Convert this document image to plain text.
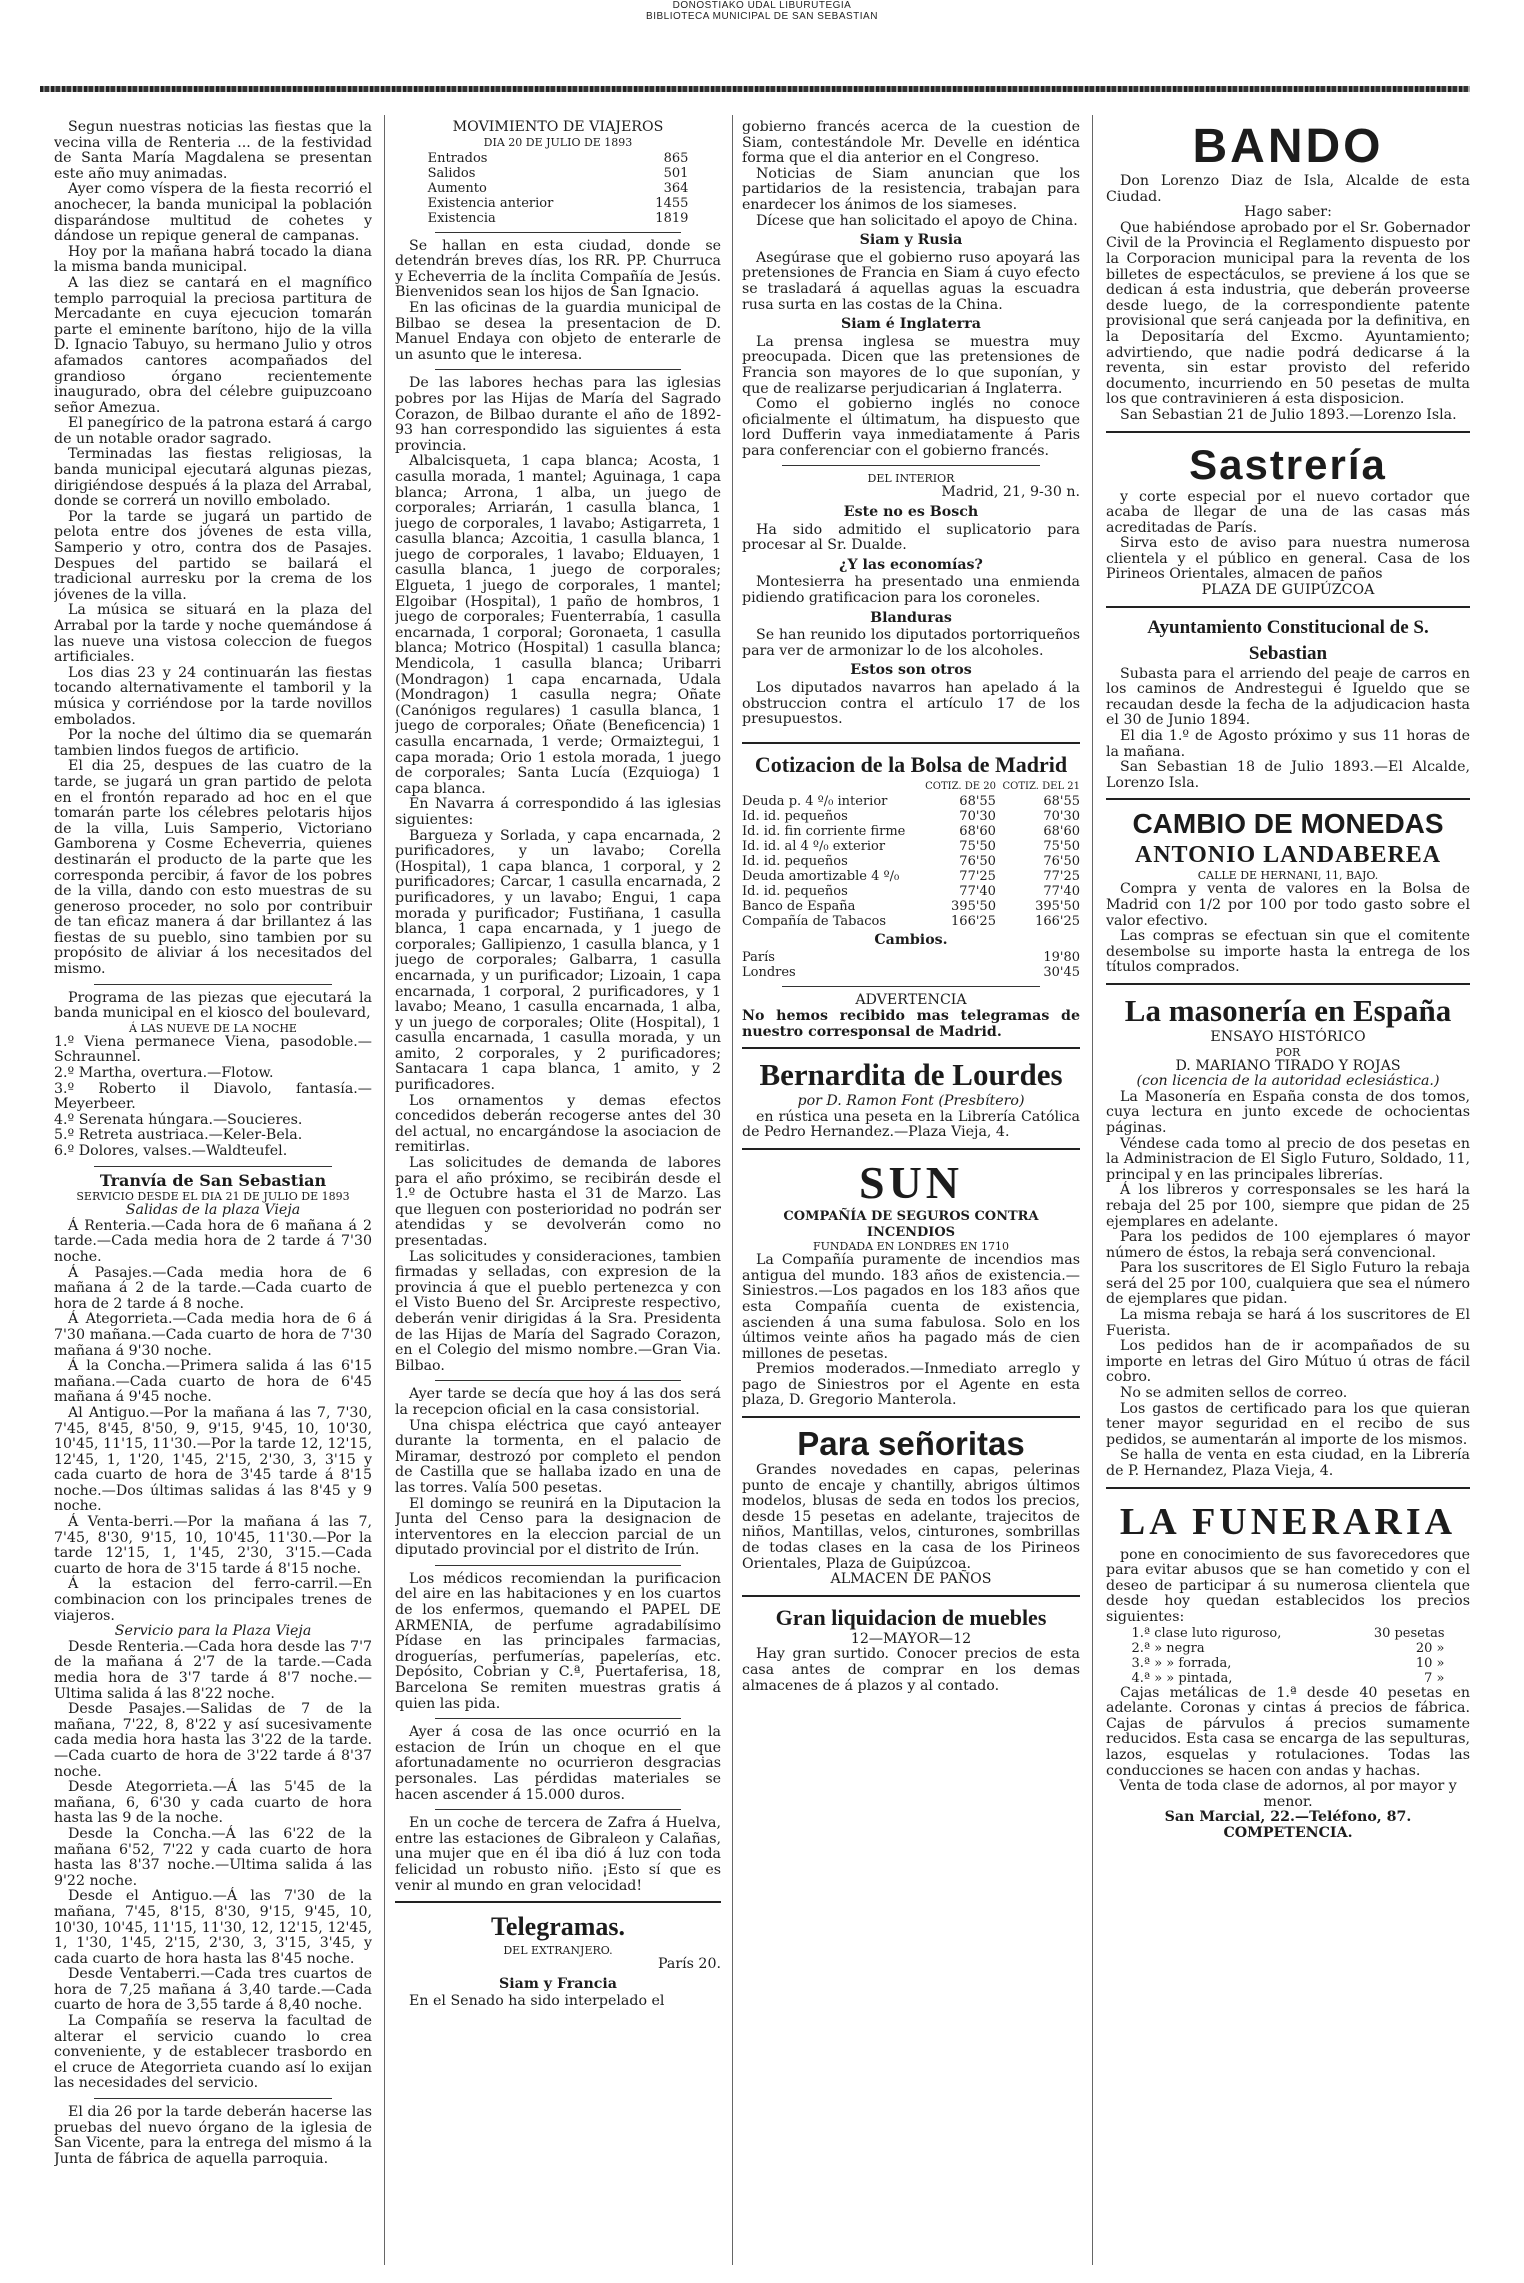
DONOSTIAKO UDAL LIBURUTEGIA
BIBLIOTECA MUNICIPAL DE SAN SEBASTIAN

Segun nuestras noticias las fiestas que la vecina villa de Renteria ... de la festividad de Santa María Magdalena se presentan este año muy animadas.

Ayer como víspera de la fiesta recorrió el anochecer, la banda municipal la población disparándose multitud de cohetes y dándose un repique general de campanas.

Hoy por la mañana habrá tocado la diana la misma banda municipal.

A las diez se cantará en el magnífico templo parroquial la preciosa partitura de Mercadante en cuya ejecucion tomarán parte el eminente barítono, hijo de la villa D. Ignacio Tabuyo, su hermano Julio y otros afamados cantores acompañados del grandioso órgano recientemente inaugurado, obra del célebre guipuzcoano señor Amezua.

El panegírico de la patrona estará á cargo de un notable orador sagrado.

Terminadas las fiestas religiosas, la banda municipal ejecutará algunas piezas, dirigiéndose después á la plaza del Arrabal, donde se correrá un novillo embolado.

Por la tarde se jugará un partido de pelota entre dos jóvenes de esta villa, Samperio y otro, contra dos de Pasajes. Despues del partido se bailará el tradicional aurresku por la crema de los jóvenes de la villa.

La música se situará en la plaza del Arrabal por la tarde y noche quemándose á las nueve una vistosa coleccion de fuegos artificiales.

Los dias 23 y 24 continuarán las fiestas tocando alternativamente el tamboril y la música y corriéndose por la tarde novillos embolados.

Por la noche del último dia se quemarán tambien lindos fuegos de artificio.

El dia 25, despues de las cuatro de la tarde, se jugará un gran partido de pelota en el frontón reparado ad hoc en el que tomarán parte los célebres pelotaris hijos de la villa, Luis Samperio, Victoriano Gamborena y Cosme Echeverria, quienes destinarán el producto de la parte que les corresponda percibir, á favor de los pobres de la villa, dando con esto muestras de su generoso proceder, no solo por contribuir de tan eficaz manera á dar brillantez á las fiestas de su pueblo, sino tambien por su propósito de aliviar á los necesitados del mismo.

Programa de las piezas que ejecutará la banda municipal en el kiosco del boulevard,

Á LAS NUEVE DE LA NOCHE

1.º Viena permanece Viena, pasodoble.—Schraunnel.
2.º Martha, overtura.—Flotow.
3.º Roberto il Diavolo, fantasía.—Meyerbeer.
4.º Serenata húngara.—Soucieres.
5.º Retreta austriaca.—Keler-Bela.
6.º Dolores, valses.—Waldteufel.

Tranvía de San Sebastian

SERVICIO DESDE EL DIA 21 DE JULIO DE 1893

Salidas de la plaza Vieja

Á Renteria.—Cada hora de 6 mañana á 2 tarde.—Cada media hora de 2 tarde á 7'30 noche.

Á Pasajes.—Cada media hora de 6 mañana á 2 de la tarde.—Cada cuarto de hora de 2 tarde á 8 noche.

Á Ategorrieta.—Cada media hora de 6 á 7'30 mañana.—Cada cuarto de hora de 7'30 mañana á 9'30 noche.

Á la Concha.—Primera salida á las 6'15 mañana.—Cada cuarto de hora de 6'45 mañana á 9'45 noche.

Al Antiguo.—Por la mañana á las 7, 7'30, 7'45, 8'45, 8'50, 9, 9'15, 9'45, 10, 10'30, 10'45, 11'15, 11'30.—Por la tarde 12, 12'15, 12'45, 1, 1'20, 1'45, 2'15, 2'30, 3, 3'15 y cada cuarto de hora de 3'45 tarde á 8'15 noche.—Dos últimas salidas á las 8'45 y 9 noche.

Á Venta-berri.—Por la mañana á las 7, 7'45, 8'30, 9'15, 10, 10'45, 11'30.—Por la tarde 12'15, 1, 1'45, 2'30, 3'15.—Cada cuarto de hora de 3'15 tarde á 8'15 noche.

Á la estacion del ferro-carril.—En combinacion con los principales trenes de viajeros.

Servicio para la Plaza Vieja

Desde Renteria.—Cada hora desde las 7'7 de la mañana á 2'7 de la tarde.—Cada media hora de 3'7 tarde á 8'7 noche.—Ultima salida á las 8'22 noche.

Desde Pasajes.—Salidas de 7 de la mañana, 7'22, 8, 8'22 y así sucesivamente cada media hora hasta las 3'22 de la tarde.—Cada cuarto de hora de 3'22 tarde á 8'37 noche.

Desde Ategorrieta.—Á las 5'45 de la mañana, 6, 6'30 y cada cuarto de hora hasta las 9 de la noche.

Desde la Concha.—Á las 6'22 de la mañana 6'52, 7'22 y cada cuarto de hora hasta las 8'37 noche.—Ultima salida á las 9'22 noche.

Desde el Antiguo.—Á las 7'30 de la mañana, 7'45, 8'15, 8'30, 9'15, 9'45, 10, 10'30, 10'45, 11'15, 11'30, 12, 12'15, 12'45, 1, 1'30, 1'45, 2'15, 2'30, 3, 3'15, 3'45, y cada cuarto de hora hasta las 8'45 noche.

Desde Ventaberri.—Cada tres cuartos de hora de 7,25 mañana á 3,40 tarde.—Cada cuarto de hora de 3,55 tarde á 8,40 noche.

La Compañía se reserva la facultad de alterar el servicio cuando lo crea conveniente, y de establecer trasbordo en el cruce de Ategorrieta cuando así lo exijan las necesidades del servicio.

El dia 26 por la tarde deberán hacerse las pruebas del nuevo órgano de la iglesia de San Vicente, para la entrega del mismo á la Junta de fábrica de aquella parroquia.

MOVIMIENTO DE VIAJEROS

DIA 20 DE JULIO DE 1893

Entrados	865
Salidos	501
Aumento	364
Existencia anterior	1455
Existencia	1819

Se hallan en esta ciudad, donde se detendrán breves días, los RR. PP. Churruca y Echeverria de la ínclita Compañía de Jesús. Bienvenidos sean los hijos de San Ignacio.

En las oficinas de la guardia municipal de Bilbao se desea la presentacion de D. Manuel Endaya con objeto de enterarle de un asunto que le interesa.

De las labores hechas para las iglesias pobres por las Hijas de María del Sagrado Corazon, de Bilbao durante el año de 1892-93 han correspondido las siguientes á esta provincia.

Albalcisqueta, 1 capa blanca; Acosta, 1 casulla morada, 1 mantel; Aguinaga, 1 capa blanca; Arrona, 1 alba, un juego de corporales; Arriarán, 1 casulla blanca, 1 juego de corporales, 1 lavabo; Astigarreta, 1 casulla blanca; Azcoitia, 1 casulla blanca, 1 juego de corporales, 1 lavabo; Elduayen, 1 casulla blanca, 1 juego de corporales; Elgueta, 1 juego de corporales, 1 mantel; Elgoibar (Hospital), 1 paño de hombros, 1 juego de corporales; Fuenterrabía, 1 casulla encarnada, 1 corporal; Goronaeta, 1 casulla blanca; Motrico (Hospital) 1 casulla blanca; Mendicola, 1 casulla blanca; Uribarri (Mondragon) 1 capa encarnada, Udala (Mondragon) 1 casulla negra; Oñate (Canónigos regulares) 1 casulla blanca, 1 juego de corporales; Oñate (Beneficencia) 1 casulla encarnada, 1 verde; Ormaiztegui, 1 capa morada; Orio 1 estola morada, 1 juego de corporales; Santa Lucía (Ezquioga) 1 capa blanca.

En Navarra á correspondido á las iglesias siguientes:

Bargueza y Sorlada, y capa encarnada, 2 purificadores, y un lavabo; Corella (Hospital), 1 capa blanca, 1 corporal, y 2 purificadores; Carcar, 1 casulla encarnada, 2 purificadores, y un lavabo; Engui, 1 capa morada y purificador; Fustiñana, 1 casulla blanca, 1 capa encarnada, y 1 juego de corporales; Gallipienzo, 1 casulla blanca, y 1 juego de corporales; Galbarra, 1 casulla encarnada, y un purificador; Lizoain, 1 capa encarnada, 1 corporal, 2 purificadores, y 1 lavabo; Meano, 1 casulla encarnada, 1 alba, y un juego de corporales; Olite (Hospital), 1 casulla encarnada, 1 casulla morada, y un amito, 2 corporales, y 2 purificadores; Santacara 1 capa blanca, 1 amito, y 2 purificadores.

Los ornamentos y demas efectos concedidos deberán recogerse antes del 30 del actual, no encargándose la asociacion de remitirlas.

Las solicitudes de demanda de labores para el año próximo, se recibirán desde el 1.º de Octubre hasta el 31 de Marzo. Las que lleguen con posterioridad no podrán ser atendidas y se devolverán como no presentadas.

Las solicitudes y consideraciones, tambien firmadas y selladas, con expresion de la provincia á que el pueblo pertenezca y con el Visto Bueno del Sr. Arcipreste respectivo, deberán venir dirigidas á la Sra. Presidenta de las Hijas de María del Sagrado Corazon, en el Colegio del mismo nombre.—Gran Via. Bilbao.

Ayer tarde se decía que hoy á las dos será la recepcion oficial en la casa consistorial.

Una chispa eléctrica que cayó anteayer durante la tormenta, en el palacio de Miramar, destrozó por completo el pendon de Castilla que se hallaba izado en una de las torres. Valía 500 pesetas.

El domingo se reunirá en la Diputacion la Junta del Censo para la designacion de interventores en la eleccion parcial de un diputado provincial por el distrito de Irún.

Los médicos recomiendan la purificacion del aire en las habitaciones y en los cuartos de los enfermos, quemando el PAPEL DE ARMENIA, de perfume agradabilísimo Pídase en las principales farmacias, droguerías, perfumerías, papelerías, etc. Depósito, Cobrian y C.ª, Puertaferisa, 18, Barcelona Se remiten muestras gratis á quien las pida.

Ayer á cosa de las once ocurrió en la estacion de Irún un choque en el que afortunadamente no ocurrieron desgracias personales. Las pérdidas materiales se hacen ascender á 15.000 duros.

En un coche de tercera de Zafra á Huelva, entre las estaciones de Gibraleon y Calañas, una mujer que en él iba dió á luz con toda felicidad un robusto niño. ¡Esto sí que es venir al mundo en gran velocidad!

Telegramas.

DEL EXTRANJERO.

París 20.

Siam y Francia

En el Senado ha sido interpelado el

gobierno francés acerca de la cuestion de Siam, contestándole Mr. Develle en idéntica forma que el dia anterior en el Congreso.

Noticias de Siam anuncian que los partidarios de la resistencia, trabajan para enardecer los ánimos de los siameses.

Dícese que han solicitado el apoyo de China.

Siam y Rusia

Asegúrase que el gobierno ruso apoyará las pretensiones de Francia en Siam á cuyo efecto se trasladará á aquellas aguas la escuadra rusa surta en las costas de la China.

Siam é Inglaterra

La prensa inglesa se muestra muy preocupada. Dicen que las pretensiones de Francia son mayores de lo que suponían, y que de realizarse perjudicarian á Inglaterra.

Como el gobierno inglés no conoce oficialmente el últimatum, ha dispuesto que lord Dufferin vaya inmediatamente á Paris para conferenciar con el gobierno francés.

DEL INTERIOR

Madrid, 21, 9-30 n.

Este no es Bosch

Ha sido admitido el suplicatorio para procesar al Sr. Dualde.

¿Y las economías?

Montesierra ha presentado una enmienda pidiendo gratificacion para los coroneles.

Blanduras

Se han reunido los diputados portorriqueños para ver de armonizar lo de los alcoholes.

Estos son otros

Los diputados navarros han apelado á la obstruccion contra el artículo 17 de los presupuestos.

Cotizacion de la Bolsa de Madrid

	COTIZ. DE 20	COTIZ. DEL 21
Deuda p. 4 º/₀ interior	68'55	68'55
Id. id. pequeños	70'30	70'30
Id. id. fin corriente firme	68'60	68'60
Id. id. al 4 º/₀ exterior	75'50	75'50
Id. id. pequeños	76'50	76'50
Deuda amortizable 4 º/₀	77'25	77'25
Id. id. pequeños	77'40	77'40
Banco de España	395'50	395'50
Compañía de Tabacos	166'25	166'25

Cambios.

París	19'80
Londres	30'45

ADVERTENCIA

No hemos recibido mas telegramas de nuestro corresponsal de Madrid.

Bernardita de Lourdes

por D. Ramon Font (Presbítero)

en rústica una peseta en la Librería Católica de Pedro Hernandez.—Plaza Vieja, 4.

SUN

COMPAÑÍA DE SEGUROS CONTRA INCENDIOS

FUNDADA EN LONDRES EN 1710

La Compañía puramente de incendios mas antigua del mundo. 183 años de existencia.—Siniestros.—Los pagados en los 183 años que esta Compañía cuenta de existencia, ascienden á una suma fabulosa. Solo en los últimos veinte años ha pagado más de cien millones de pesetas.

Premios moderados.—Inmediato arreglo y pago de Siniestros por el Agente en esta plaza, D. Gregorio Manterola.

Para señoritas

Grandes novedades en capas, pelerinas punto de encaje y chantilly, abrigos últimos modelos, blusas de seda en todos los precios, desde 15 pesetas en adelante, trajecitos de niños, Mantillas, velos, cinturones, sombrillas de todas clases en la casa de los Pirineos Orientales, Plaza de Guipúzcoa.

ALMACEN DE PAÑOS

Gran liquidacion de muebles

12—MAYOR—12

Hay gran surtido. Conocer precios de esta casa antes de comprar en los demas almacenes de á plazos y al contado.

BANDO

Don Lorenzo Diaz de Isla, Alcalde de esta Ciudad.

Hago saber:

Que habiéndose aprobado por el Sr. Gobernador Civil de la Provincia el Reglamento dispuesto por la Corporacion municipal para la reventa de los billetes de espectáculos, se previene á los que se dedican á esta industria, que deberán proveerse desde luego, de la correspondiente patente provisional que será canjeada por la definitiva, en la Depositaría del Excmo. Ayuntamiento; advirtiendo, que nadie podrá dedicarse á la reventa, sin estar provisto del referido documento, incurriendo en 50 pesetas de multa los que contravinieren á esta disposicion.

San Sebastian 21 de Julio 1893.—Lorenzo Isla.

Sastrería

y corte especial por el nuevo cortador que acaba de llegar de una de las casas más acreditadas de París.

Sirva esto de aviso para nuestra numerosa clientela y el público en general. Casa de los Pirineos Orientales, almacen de paños

PLAZA DE GUIPÚZCOA

Ayuntamiento Constitucional de S. Sebastian

Subasta para el arriendo del peaje de carros en los caminos de Andrestegui é Igueldo que se recaudan desde la fecha de la adjudicacion hasta el 30 de Junio 1894.

El dia 1.º de Agosto próximo y sus 11 horas de la mañana.

San Sebastian 18 de Julio 1893.—El Alcalde, Lorenzo Isla.

CAMBIO DE MONEDAS

ANTONIO LANDABEREA

CALLE DE HERNANI, 11, BAJO.

Compra y venta de valores en la Bolsa de Madrid con 1/2 por 100 por todo gasto sobre el valor efectivo.

Las compras se efectuan sin que el comitente desembolse su importe hasta la entrega de los títulos comprados.

La masonería en España

ENSAYO HISTÓRICO

POR

D. MARIANO TIRADO Y ROJAS

(con licencia de la autoridad eclesiástica.)

La Masonería en España consta de dos tomos, cuya lectura en junto excede de ochocientas páginas.

Véndese cada tomo al precio de dos pesetas en la Administracion de El Siglo Futuro, Soldado, 11, principal y en las principales librerías.

Á los libreros y corresponsales se les hará la rebaja del 25 por 100, siempre que pidan de 25 ejemplares en adelante.

Para los pedidos de 100 ejemplares ó mayor número de éstos, la rebaja será convencional.

Para los suscritores de El Siglo Futuro la rebaja será del 25 por 100, cualquiera que sea el número de ejemplares que pidan.

La misma rebaja se hará á los suscritores de El Fuerista.

Los pedidos han de ir acompañados de su importe en letras del Giro Mútuo ú otras de fácil cobro.

No se admiten sellos de correo.

Los gastos de certificado para los que quieran tener mayor seguridad en el recibo de sus pedidos, se aumentarán al importe de los mismos.

Se halla de venta en esta ciudad, en la Librería de P. Hernandez, Plaza Vieja, 4.

LA FUNERARIA

pone en conocimiento de sus favorecedores que para evitar abusos que se han cometido y con el deseo de participar á su numerosa clientela que desde hoy quedan establecidos los precios siguientes:

1.ª clase luto riguroso,	30 pesetas
2.ª » negra	20 »
3.ª » » forrada,	10 »
4.ª » » pintada,	7 »

Cajas metálicas de 1.ª desde 40 pesetas en adelante. Coronas y cintas á precios de fábrica. Cajas de párvulos á precios sumamente reducidos. Esta casa se encarga de las sepulturas, lazos, esquelas y rotulaciones. Todas las conducciones se hacen con andas y hachas.

Venta de toda clase de adornos, al por mayor y menor.

San Marcial, 22.—Teléfono, 87.

COMPETENCIA.
